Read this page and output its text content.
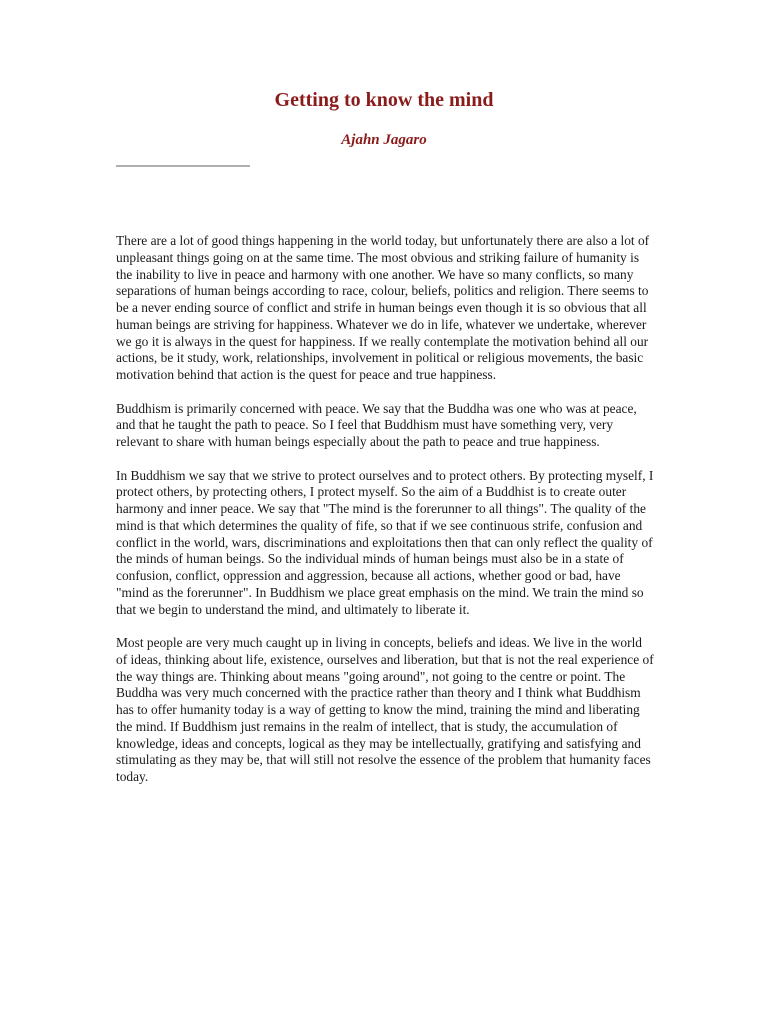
Getting to know the mind
Ajahn Jagaro

There are a lot of good things happening in the world today, but unfortunately there are also a lot of unpleasant things going on at the same time. The most obvious and striking failure of humanity is the inability to live in peace and harmony with one another. We have so many conflicts, so many separations of human beings according to race, colour, beliefs, politics and religion. There seems to be a never ending source of conflict and strife in human beings even though it is so obvious that all human beings are striving for happiness. Whatever we do in life, whatever we undertake, wherever we go it is always in the quest for happiness. If we really contemplate the motivation behind all our actions, be it study, work, relationships, involvement in political or religious movements, the basic motivation behind that action is the quest for peace and true happiness.

Buddhism is primarily concerned with peace. We say that the Buddha was one who was at peace, and that he taught the path to peace. So I feel that Buddhism must have something very, very relevant to share with human beings especially about the path to peace and true happiness.

In Buddhism we say that we strive to protect ourselves and to protect others. By protecting myself, I protect others, by protecting others, I protect myself. So the aim of a Buddhist is to create outer harmony and inner peace. We say that "The mind is the forerunner to all things". The quality of the mind is that which determines the quality of fife, so that if we see continuous strife, confusion and conflict in the world, wars, discriminations and exploitations then that can only reflect the quality of the minds of human beings. So the individual minds of human beings must also be in a state of confusion, conflict, oppression and aggression, because all actions, whether good or bad, have "mind as the forerunner". In Buddhism we place great emphasis on the mind. We train the mind so that we begin to understand the mind, and ultimately to liberate it.

Most people are very much caught up in living in concepts, beliefs and ideas. We live in the world of ideas, thinking about life, existence, ourselves and liberation, but that is not the real experience of the way things are. Thinking about means "going around", not going to the centre or point. The Buddha was very much concerned with the practice rather than theory and I think what Buddhism has to offer humanity today is a way of getting to know the mind, training the mind and liberating the mind. If Buddhism just remains in the realm of intellect, that is study, the accumulation of knowledge, ideas and concepts, logical as they may be intellectually, gratifying and satisfying and stimulating as they may be, that will still not resolve the essence of the problem that humanity faces today.
